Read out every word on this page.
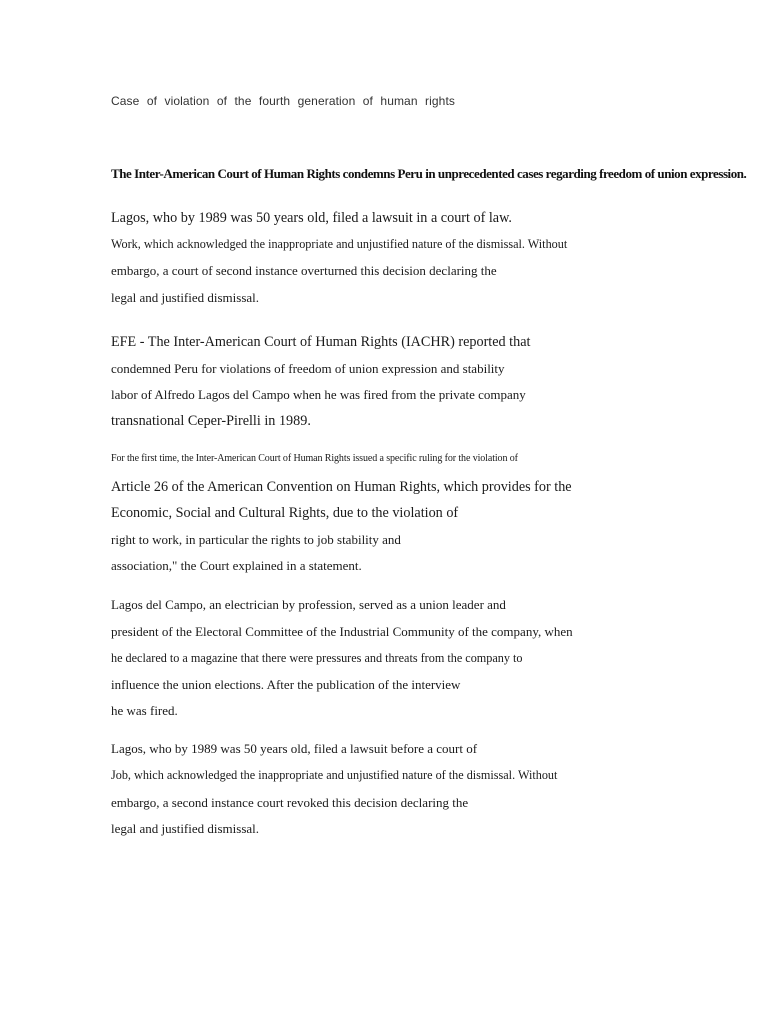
Case of violation of the fourth generation of human rights
The Inter-American Court of Human Rights condemns Peru in unprecedented cases regarding freedom of union expression.
Lagos, who by 1989 was 50 years old, filed a lawsuit in a court of law.
Work, which acknowledged the inappropriate and unjustified nature of the dismissal. Without
embargo, a court of second instance overturned this decision declaring the
legal and justified dismissal.
EFE - The Inter-American Court of Human Rights (IACHR) reported that
condemned Peru for violations of freedom of union expression and stability
labor of Alfredo Lagos del Campo when he was fired from the private company
transnational Ceper-Pirelli in 1989.
For the first time, the Inter-American Court of Human Rights issued a specific ruling for the violation of
Article 26 of the American Convention on Human Rights, which provides for the
Economic, Social and Cultural Rights, due to the violation of
right to work, in particular the rights to job stability and
association," the Court explained in a statement.
Lagos del Campo, an electrician by profession, served as a union leader and
president of the Electoral Committee of the Industrial Community of the company, when
he declared to a magazine that there were pressures and threats from the company to
influence the union elections. After the publication of the interview
he was fired.
Lagos, who by 1989 was 50 years old, filed a lawsuit before a court of
Job, which acknowledged the inappropriate and unjustified nature of the dismissal. Without
embargo, a second instance court revoked this decision declaring the
legal and justified dismissal.
